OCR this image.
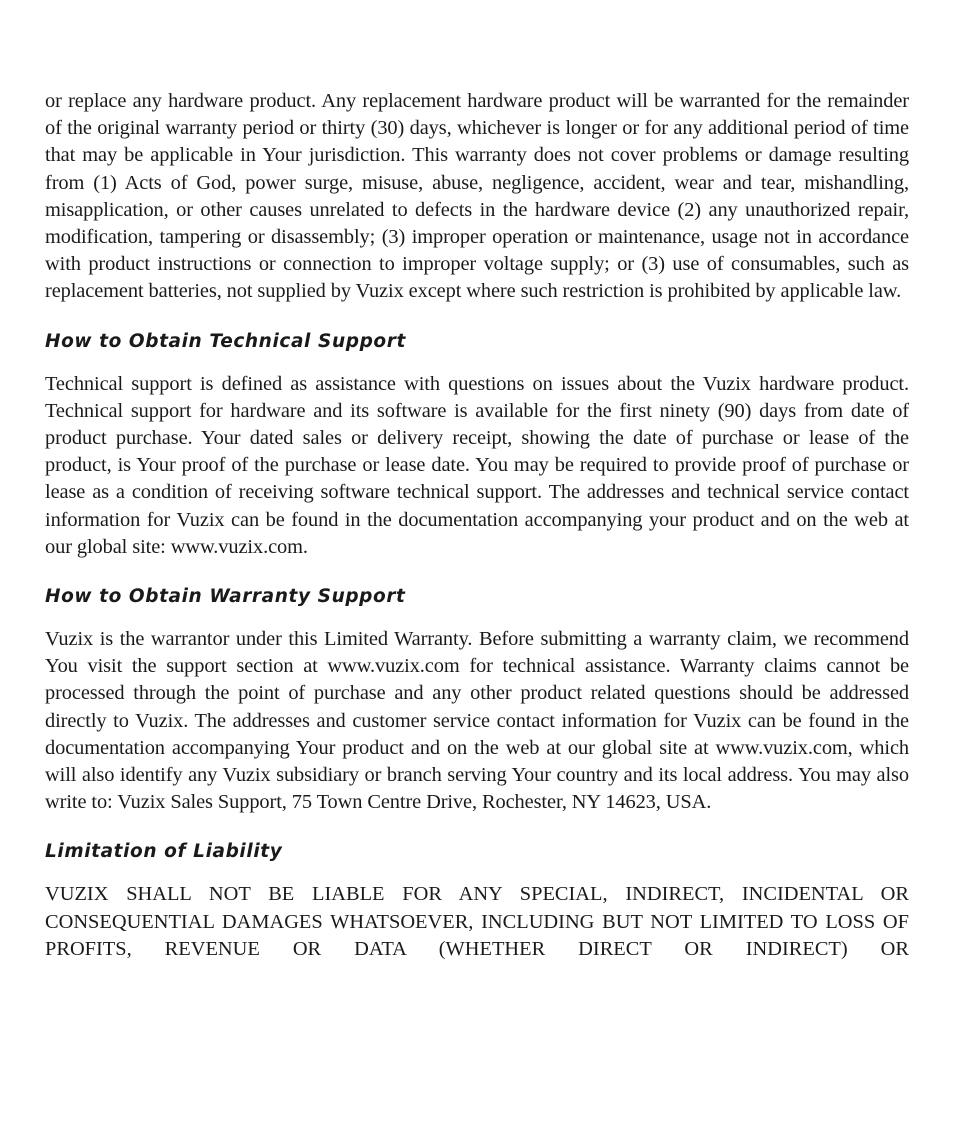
or replace any hardware product. Any replacement hardware product will be warranted for the remainder of the original warranty period or thirty (30) days, whichever is longer or for any additional period of time that may be applicable in Your jurisdiction. This warranty does not cover problems or damage resulting from (1) Acts of God, power surge, misuse, abuse, negligence, accident, wear and tear, mishandling, misapplication, or other causes unrelated to defects in the hardware device (2) any unauthorized repair, modification, tampering or disassembly; (3) improper operation or maintenance, usage not in accordance with product instructions or connection to improper voltage supply; or (3) use of consumables, such as replacement batteries, not supplied by Vuzix except where such restriction is prohibited by applicable law.

How to Obtain Technical Support

Technical support is defined as assistance with questions on issues about the Vuzix hardware product. Technical support for hardware and its software is available for the first ninety (90) days from date of product purchase. Your dated sales or delivery receipt, showing the date of purchase or lease of the product, is Your proof of the purchase or lease date. You may be required to provide proof of purchase or lease as a condition of receiving software technical support. The addresses and technical service contact information for Vuzix can be found in the documentation accompanying your product and on the web at our global site: www.vuzix.com.

How to Obtain Warranty Support

Vuzix is the warrantor under this Limited Warranty. Before submitting a warranty claim, we recommend You visit the support section at www.vuzix.com for technical assistance. Warranty claims cannot be processed through the point of purchase and any other product related questions should be addressed directly to Vuzix. The addresses and customer service contact information for Vuzix can be found in the documentation accompanying Your product and on the web at our global site at www.vuzix.com, which will also identify any Vuzix subsidiary or branch serving Your country and its local address. You may also write to: Vuzix Sales Support, 75 Town Centre Drive, Rochester, NY 14623, USA.

Limitation of Liability

VUZIX SHALL NOT BE LIABLE FOR ANY SPECIAL, INDIRECT, INCIDENTAL OR CONSEQUENTIAL DAMAGES WHATSOEVER, INCLUDING BUT NOT LIMITED TO LOSS OF PROFITS, REVENUE OR DATA (WHETHER DIRECT OR INDIRECT) OR
